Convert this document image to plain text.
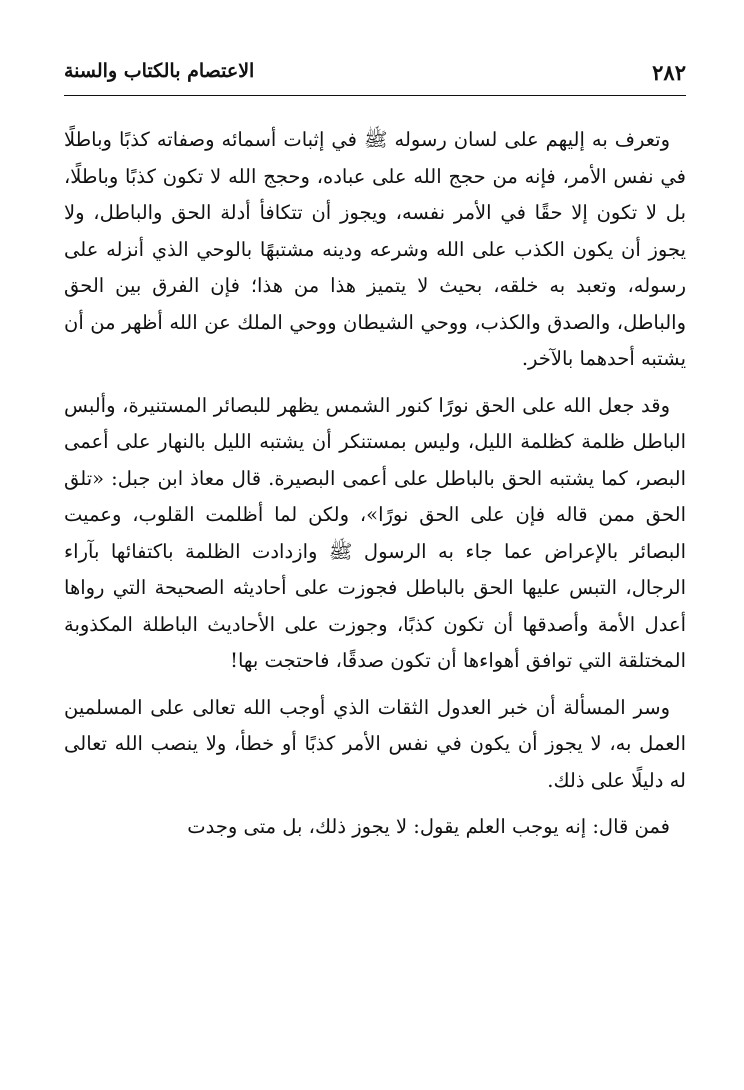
٢٨٢
الاعتصام بالكتاب والسنة

وتعرف به إليهم على لسان رسوله ﷺ في إثبات أسمائه وصفاته كذبًا وباطلًا في نفس الأمر، فإنه من حجج الله على عباده، وحجج الله لا تكون كذبًا وباطلًا، بل لا تكون إلا حقًا في الأمر نفسه، ويجوز أن تتكافأ أدلة الحق والباطل، ولا يجوز أن يكون الكذب على الله وشرعه ودينه مشتبهًا بالوحي الذي أنزله على رسوله، وتعبد به خلقه، بحيث لا يتميز هذا من هذا؛ فإن الفرق بين الحق والباطل، والصدق والكذب، ووحي الشيطان ووحي الملك عن الله أظهر من أن يشتبه أحدهما بالآخر.

وقد جعل الله على الحق نورًا كنور الشمس يظهر للبصائر المستنيرة، وألبس الباطل ظلمة كظلمة الليل، وليس بمستنكر أن يشتبه الليل بالنهار على أعمى البصر، كما يشتبه الحق بالباطل على أعمى البصيرة. قال معاذ ابن جبل: «تلق الحق ممن قاله فإن على الحق نورًا»، ولكن لما أظلمت القلوب، وعميت البصائر بالإعراض عما جاء به الرسول ﷺ وازدادت الظلمة باكتفائها بآراء الرجال، التبس عليها الحق بالباطل فجوزت على أحاديثه الصحيحة التي رواها أعدل الأمة وأصدقها أن تكون كذبًا، وجوزت على الأحاديث الباطلة المكذوبة المختلقة التي توافق أهواءها أن تكون صدقًا، فاحتجت بها!

وسر المسألة أن خبر العدول الثقات الذي أوجب الله تعالى على المسلمين العمل به، لا يجوز أن يكون في نفس الأمر كذبًا أو خطأ، ولا ينصب الله تعالى له دليلًا على ذلك.

فمن قال: إنه يوجب العلم يقول: لا يجوز ذلك، بل متى وجدت
